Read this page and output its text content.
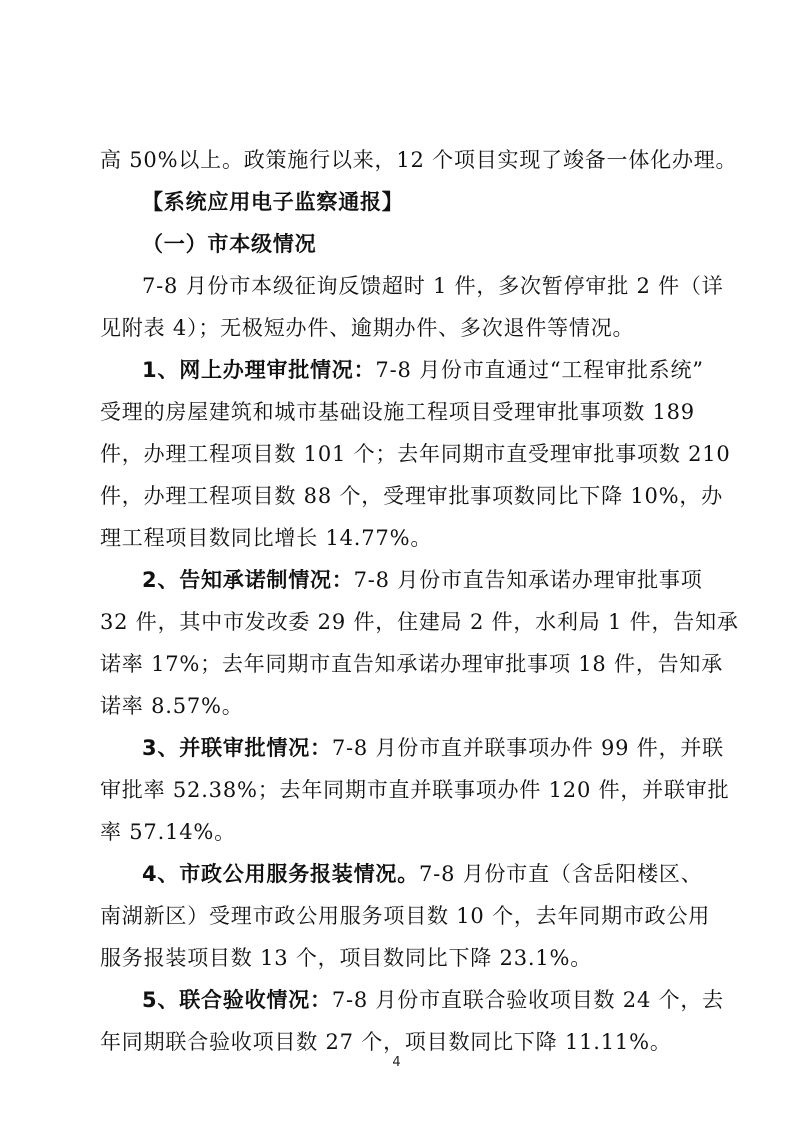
高 50%以上。政策施行以来，12 个项目实现了竣备一体化办理。
【系统应用电子监察通报】
（一）市本级情况
7-8 月份市本级征询反馈超时 1 件，多次暂停审批 2 件（详
见附表 4）；无极短办件、逾期办件、多次退件等情况。
1、网上办理审批情况：7-8 月份市直通过“工程审批系统”
受理的房屋建筑和城市基础设施工程项目受理审批事项数 189
件，办理工程项目数 101 个；去年同期市直受理审批事项数 210
件，办理工程项目数 88 个，受理审批事项数同比下降 10%，办
理工程项目数同比增长 14.77%。
2、告知承诺制情况：7-8 月份市直告知承诺办理审批事项
32 件，其中市发改委 29 件，住建局 2 件，水利局 1 件，告知承
诺率 17%；去年同期市直告知承诺办理审批事项 18 件，告知承
诺率 8.57%。
3、并联审批情况：7-8 月份市直并联事项办件 99 件，并联
审批率 52.38%；去年同期市直并联事项办件 120 件，并联审批
率 57.14%。
4、市政公用服务报装情况。7-8 月份市直（含岳阳楼区、
南湖新区）受理市政公用服务项目数 10 个，去年同期市政公用
服务报装项目数 13 个，项目数同比下降 23.1%。
5、联合验收情况：7-8 月份市直联合验收项目数 24 个，去
年同期联合验收项目数 27 个，项目数同比下降 11.11%。
4
